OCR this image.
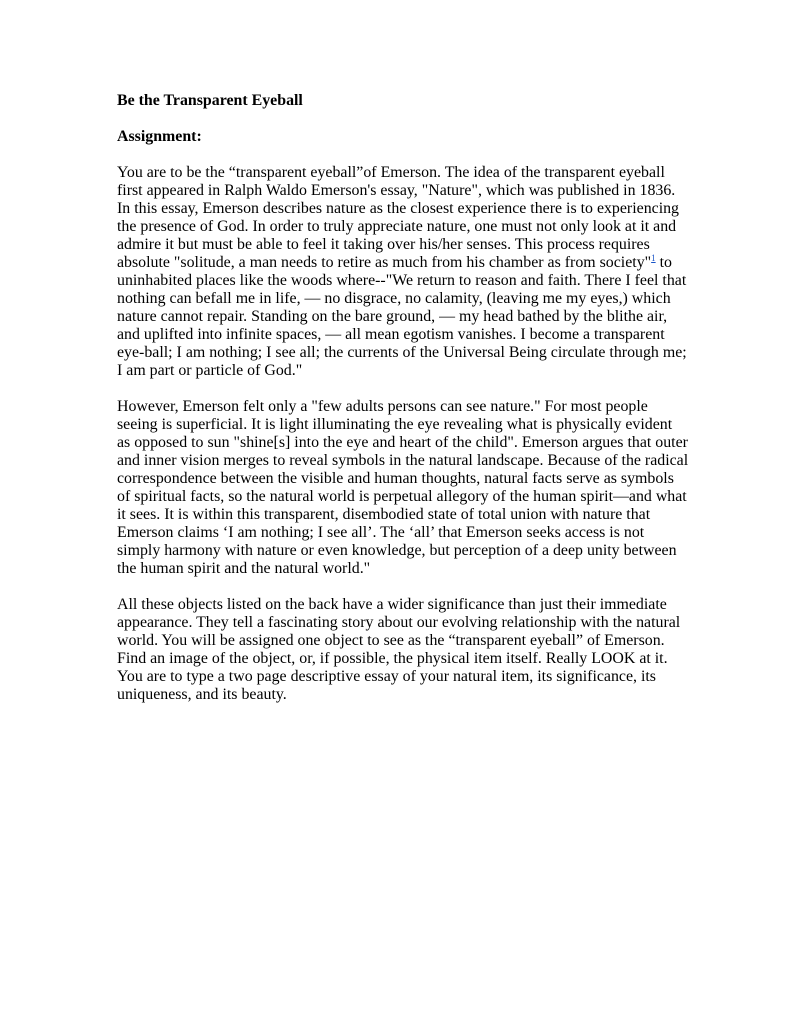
Be the Transparent Eyeball
Assignment:
You are to be the “transparent eyeball”of Emerson. The idea of the transparent eyeball
first appeared in Ralph Waldo Emerson's essay, "Nature", which was published in 1836.
In this essay, Emerson describes nature as the closest experience there is to experiencing
the presence of God. In order to truly appreciate nature, one must not only look at it and
admire it but must be able to feel it taking over his/her senses. This process requires
absolute "solitude, a man needs to retire as much from his chamber as from society"$^1$ to
uninhabited places like the woods where--"We return to reason and faith. There I feel that
nothing can befall me in life, — no disgrace, no calamity, (leaving me my eyes,) which
nature cannot repair. Standing on the bare ground, — my head bathed by the blithe air,
and uplifted into infinite spaces, — all mean egotism vanishes. I become a transparent
eye-ball; I am nothing; I see all; the currents of the Universal Being circulate through me;
I am part or particle of God."
However, Emerson felt only a "few adults persons can see nature." For most people
seeing is superficial. It is light illuminating the eye revealing what is physically evident
as opposed to sun "shine[s] into the eye and heart of the child". Emerson argues that outer
and inner vision merges to reveal symbols in the natural landscape. Because of the radical
correspondence between the visible and human thoughts, natural facts serve as symbols
of spiritual facts, so the natural world is perpetual allegory of the human spirit—and what
it sees. It is within this transparent, disembodied state of total union with nature that
Emerson claims ‘I am nothing; I see all’. The ‘all’ that Emerson seeks access is not
simply harmony with nature or even knowledge, but perception of a deep unity between
the human spirit and the natural world."
All these objects listed on the back have a wider significance than just their immediate
appearance. They tell a fascinating story about our evolving relationship with the natural
world. You will be assigned one object to see as the “transparent eyeball” of Emerson.
Find an image of the object, or, if possible, the physical item itself. Really LOOK at it.
You are to type a two page descriptive essay of your natural item, its significance, its
uniqueness, and its beauty.
